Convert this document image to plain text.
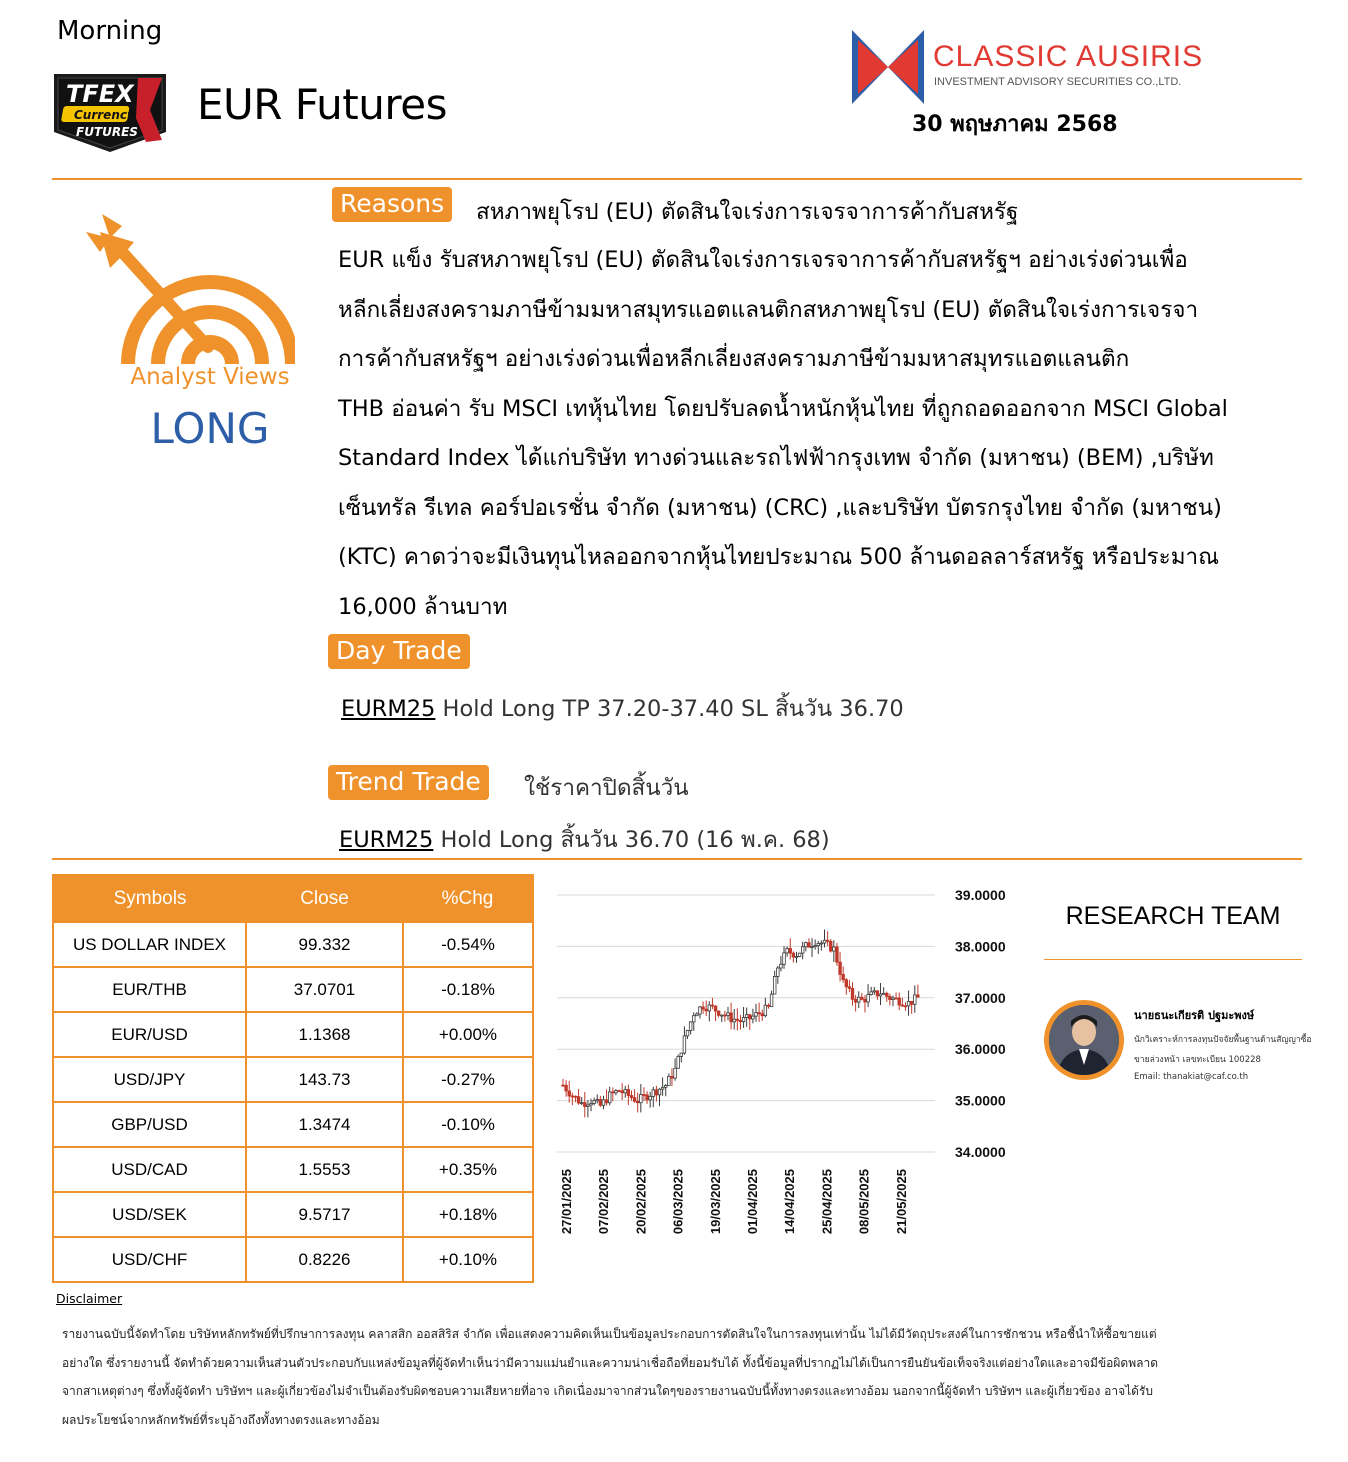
Morning
TFEX
Currency
FUTURES
EUR Futures
CLASSIC AUSIRIS
INVESTMENT ADVISORY SECURITIES CO.,LTD.
30 พฤษภาคม 2568
Analyst Views
LONG
Reasons	สหภาพยุโรป (EU) ตัดสินใจเร่งการเจรจาการค้ากับสหรัฐ
EUR แข็ง รับสหภาพยุโรป (EU) ตัดสินใจเร่งการเจรจาการค้ากับสหรัฐฯ อย่างเร่งด่วนเพื่อ
หลีกเลี่ยงสงครามภาษีข้ามมหาสมุทรแอตแลนติกสหภาพยุโรป (EU) ตัดสินใจเร่งการเจรจา
การค้ากับสหรัฐฯ อย่างเร่งด่วนเพื่อหลีกเลี่ยงสงครามภาษีข้ามมหาสมุทรแอตแลนติก
THB อ่อนค่า รับ MSCI เทหุ้นไทย โดยปรับลดน้ำหนักหุ้นไทย ที่ถูกถอดออกจาก MSCI Global
Standard Index ได้แก่บริษัท ทางด่วนและรถไฟฟ้ากรุงเทพ จำกัด (มหาชน) (BEM) ,บริษัท
เซ็นทรัล รีเทล คอร์ปอเรชั่น จำกัด (มหาชน) (CRC) ,และบริษัท บัตรกรุงไทย จำกัด (มหาชน)
(KTC) คาดว่าจะมีเงินทุนไหลออกจากหุ้นไทยประมาณ 500 ล้านดอลลาร์สหรัฐ หรือประมาณ
16,000 ล้านบาท
Day Trade
EURM25 Hold Long TP 37.20-37.40 SL สิ้นวัน 36.70
Trend Trade	ใช้ราคาปิดสิ้นวัน
EURM25 Hold Long สิ้นวัน 36.70 (16 พ.ค. 68)
Symbols	Close	%Chg
US DOLLAR INDEX	99.332	-0.54%
EUR/THB	37.0701	-0.18%
EUR/USD	1.1368	+0.00%
USD/JPY	143.73	-0.27%
GBP/USD	1.3474	-0.10%
USD/CAD	1.5553	+0.35%
USD/SEK	9.5717	+0.18%
USD/CHF	0.8226	+0.10%
39.0000
38.0000
37.0000
36.0000
35.0000
34.0000
27/01/2025 07/02/2025 20/02/2025 06/03/2025 19/03/2025 01/04/2025 14/04/2025 25/04/2025 08/05/2025 21/05/2025
RESEARCH TEAM
นายธนะเกียรติ ปฐมะพงษ์
นักวิเคราะห์การลงทุนปัจจัยพื้นฐานด้านสัญญาซื้อ
ขายล่วงหน้า เลขทะเบียน 100228
Email: thanakiat@caf.co.th
Disclaimer
รายงานฉบับนี้จัดทำโดย บริษัทหลักทรัพย์ที่ปรึกษาการลงทุน คลาสสิก ออสสิริส จำกัด เพื่อแสดงความคิดเห็นเป็นข้อมูลประกอบการตัดสินใจในการลงทุนเท่านั้น ไม่ได้มีวัตถุประสงค์ในการชักชวน หรือชี้นำให้ซื้อขายแต่
อย่างใด ซึ่งรายงานนี้ จัดทำด้วยความเห็นส่วนตัวประกอบกับแหล่งข้อมูลที่ผู้จัดทำเห็นว่ามีความแม่นยำและความน่าเชื่อถือที่ยอมรับได้ ทั้งนี้ข้อมูลที่ปรากฏไม่ได้เป็นการยืนยันข้อเท็จจริงแต่อย่างใดและอาจมีข้อผิดพลาด
จากสาเหตุต่างๆ ซึ่งทั้งผู้จัดทำ บริษัทฯ และผู้เกี่ยวข้องไม่จำเป็นต้องรับผิดชอบความเสียหายที่อาจ เกิดเนื่องมาจากส่วนใดๆของรายงานฉบับนี้ทั้งทางตรงและทางอ้อม นอกจากนี้ผู้จัดทำ บริษัทฯ และผู้เกี่ยวข้อง อาจได้รับ
ผลประโยชน์จากหลักทรัพย์ที่ระบุอ้างถึงทั้งทางตรงและทางอ้อม
